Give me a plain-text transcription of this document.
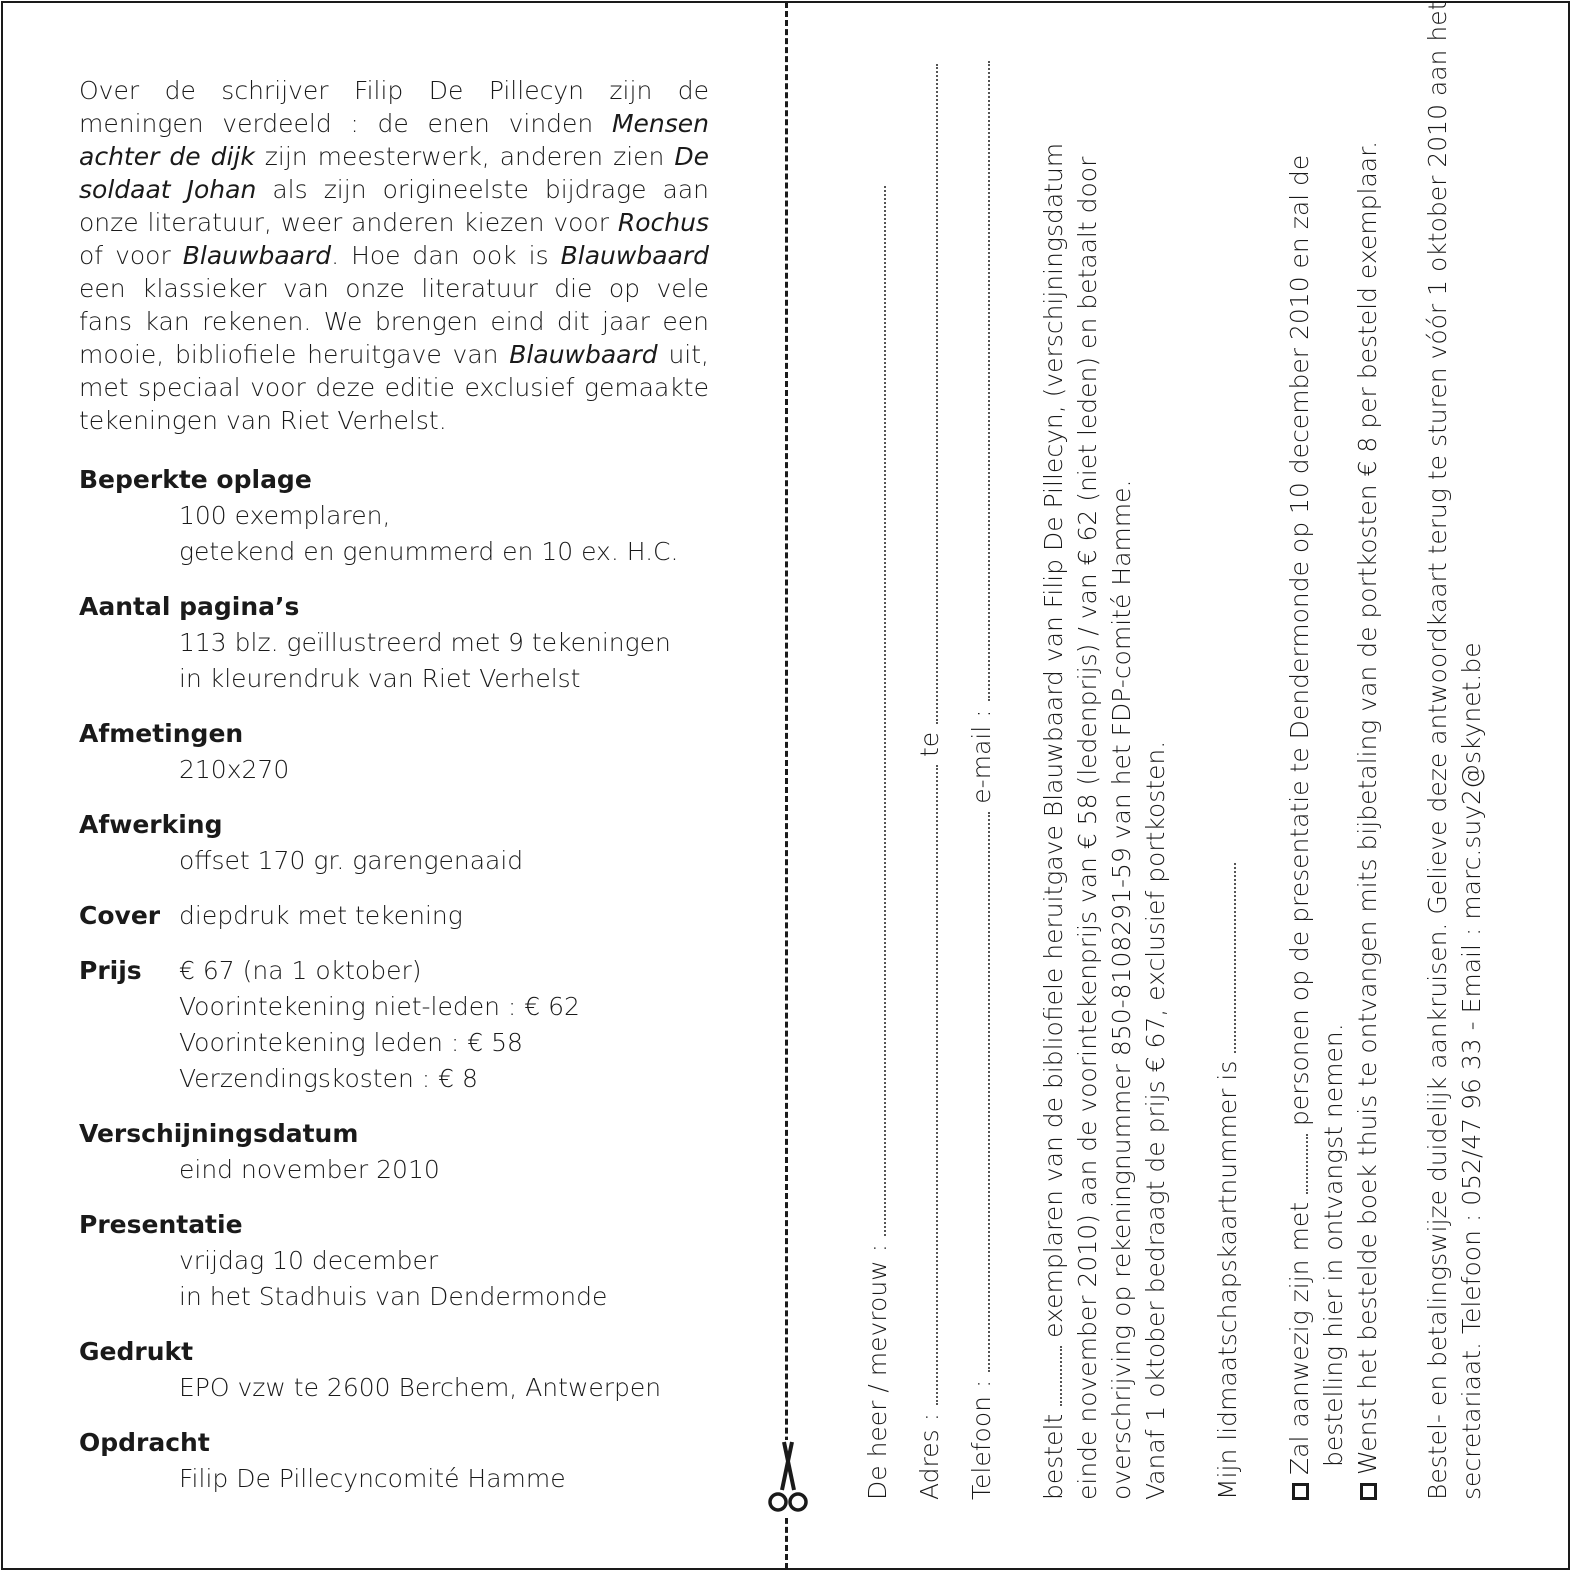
Over de schrijver Filip De Pillecyn zijn de meningen verdeeld : de enen vinden Mensen achter de dijk zijn meesterwerk, anderen zien De soldaat Johan als zijn origineelste bijdrage aan onze literatuur, weer anderen kiezen voor Rochus of voor Blauwbaard. Hoe dan ook is Blauwbaard een klassieker van onze literatuur die op vele fans kan rekenen. We brengen eind dit jaar een mooie, bibliofiele heruitgave van Blauwbaard uit, met speciaal voor deze editie exclusief gemaakte tekeningen van Riet Verhelst.

Beperkte oplage
100 exemplaren,
getekend en genummerd en 10 ex. H.C.
Aantal pagina’s
113 blz. geïllustreerd met 9 tekeningen
in kleurendruk van Riet Verhelst
Afmetingen
210x270
Afwerking
offset 170 gr. garengenaaid
Cover diepdruk met tekening
Prijs	€ 67 (na 1 oktober)
Voorintekening niet-leden : € 62
Voorintekening leden : € 58
Verzendingskosten : € 8
Verschijningsdatum
eind november 2010
Presentatie
vrijdag 10 december
in het Stadhuis van Dendermonde
Gedrukt
EPO vzw te 2600 Berchem, Antwerpen
Opdracht
Filip De Pillecyncomité Hamme	De heer / mevrouw : Adres :  te
Telefoon :  e-mail :
bestelt  exemplaren van de bibliofiele heruitgave Blauwbaard van Filip De Pillecyn, (verschijningsdatum einde november 2010) aan de voorintekenprijs van € 58 (ledenprijs) / van € 62 (niet leden) en betaalt door overschrijving op rekeningnummer 850-8108291-59 van het FDP-comité Hamme. Vanaf 1 oktober bedraagt de prijs € 67, exclusief portkosten. Mijn lidmaatschapskaartnummer is Zal aanwezig zijn met  personen op de presentatie te Dendermonde op 10 december 2010 en zal de
bestelling hier in ontvangst nemen. Wenst het bestelde boek thuis te ontvangen mits bijbetaling van de portkosten € 8 per besteld exemplaar. Bestel- en betalingswijze duidelijk aankruisen. Gelieve deze antwoordkaart terug te sturen vóór 1 oktober 2010 aan het secretariaat. Telefoon : 052/47 96 33 - Email : marc.suy2@skynet.be
